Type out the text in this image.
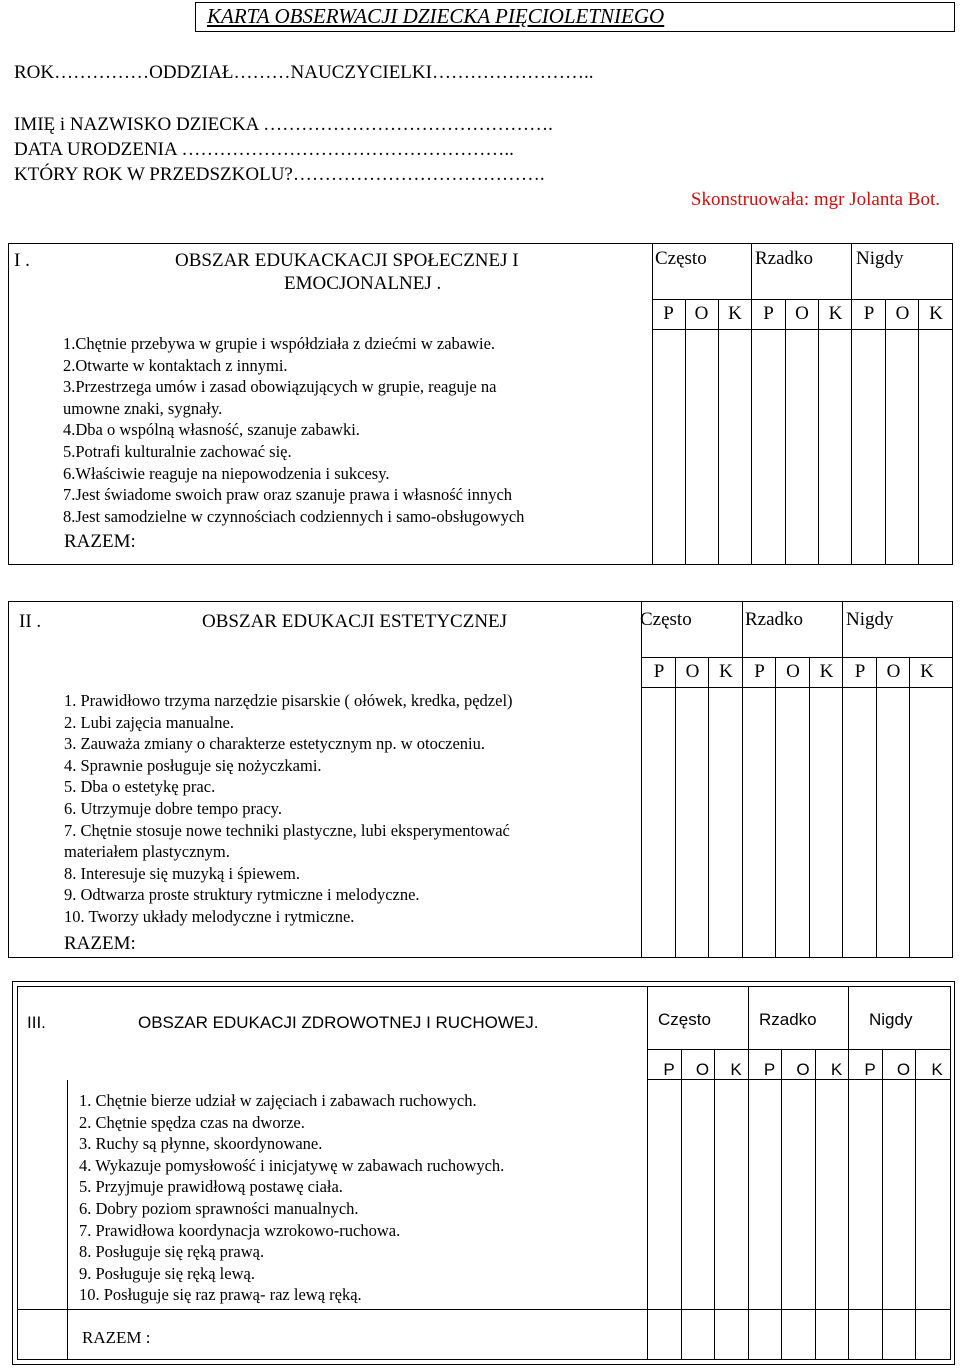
KARTA OBSERWACJI DZIECKA PIĘCIOLETNIEGO
ROK……………ODDZIAŁ………NAUCZYCIELKI……………………..
IMIĘ i NAZWISKO DZIECKA ……………………………………….
DATA URODZENIA ……………………………………………..
KTÓRY ROK W PRZEDSZKOLU?………………………………….
Skonstruowała: mgr Jolanta Bot.

I .	OBSZAR EDUKACKACJI SPOŁECZNEJ I
EMOCJONALNEJ .
Często	Rzadko Nigdy
P O K P O K P O K
1.Chętnie przebywa w grupie i współdziała z dziećmi w zabawie.
2.Otwarte w kontaktach z innymi.
3.Przestrzega umów i zasad obowiązujących w grupie, reaguje na
umowne znaki, sygnały.
4.Dba o wspólną własność, szanuje zabawki.
5.Potrafi kulturalnie zachować się.
6.Właściwie reaguje na niepowodzenia i sukcesy.
7.Jest świadome swoich praw oraz szanuje prawa i własność innych
8.Jest samodzielne w czynnościach codziennych i samo-obsługowych
RAZEM:

II .	OBSZAR EDUKACJI ESTETYCZNEJ	Często	Rzadko Nigdy
P O K P O K P O K
1. Prawidłowo trzyma narzędzie pisarskie ( ołówek, kredka, pędzel)
2. Lubi zajęcia manualne.
3. Zauważa zmiany o charakterze estetycznym np. w otoczeniu.
4. Sprawnie posługuje się nożyczkami.
5. Dba o estetykę prac.
6. Utrzymuje dobre tempo pracy.
7. Chętnie stosuje nowe techniki plastyczne, lubi eksperymentować
materiałem plastycznym.
8. Interesuje się muzyką i śpiewem.
9. Odtwarza proste struktury rytmiczne i melodyczne.
10. Tworzy układy melodyczne i rytmiczne.
RAZEM:

III.	OBSZAR EDUKACJI ZDROWOTNEJ I RUCHOWEJ.	Często	Rzadko	Nigdy
P O K P O K P O K
1. Chętnie bierze udział w zajęciach i zabawach ruchowych.
2. Chętnie spędza czas na dworze.
3. Ruchy są płynne, skoordynowane.
4. Wykazuje pomysłowość i inicjatywę w zabawach ruchowych.
5. Przyjmuje prawidłową postawę ciała.
6. Dobry poziom sprawności manualnych.
7. Prawidłowa koordynacja wzrokowo-ruchowa.
8. Posługuje się ręką prawą.
9. Posługuje się ręką lewą.
10. Posługuje się raz prawą- raz lewą ręką.
RAZEM :
